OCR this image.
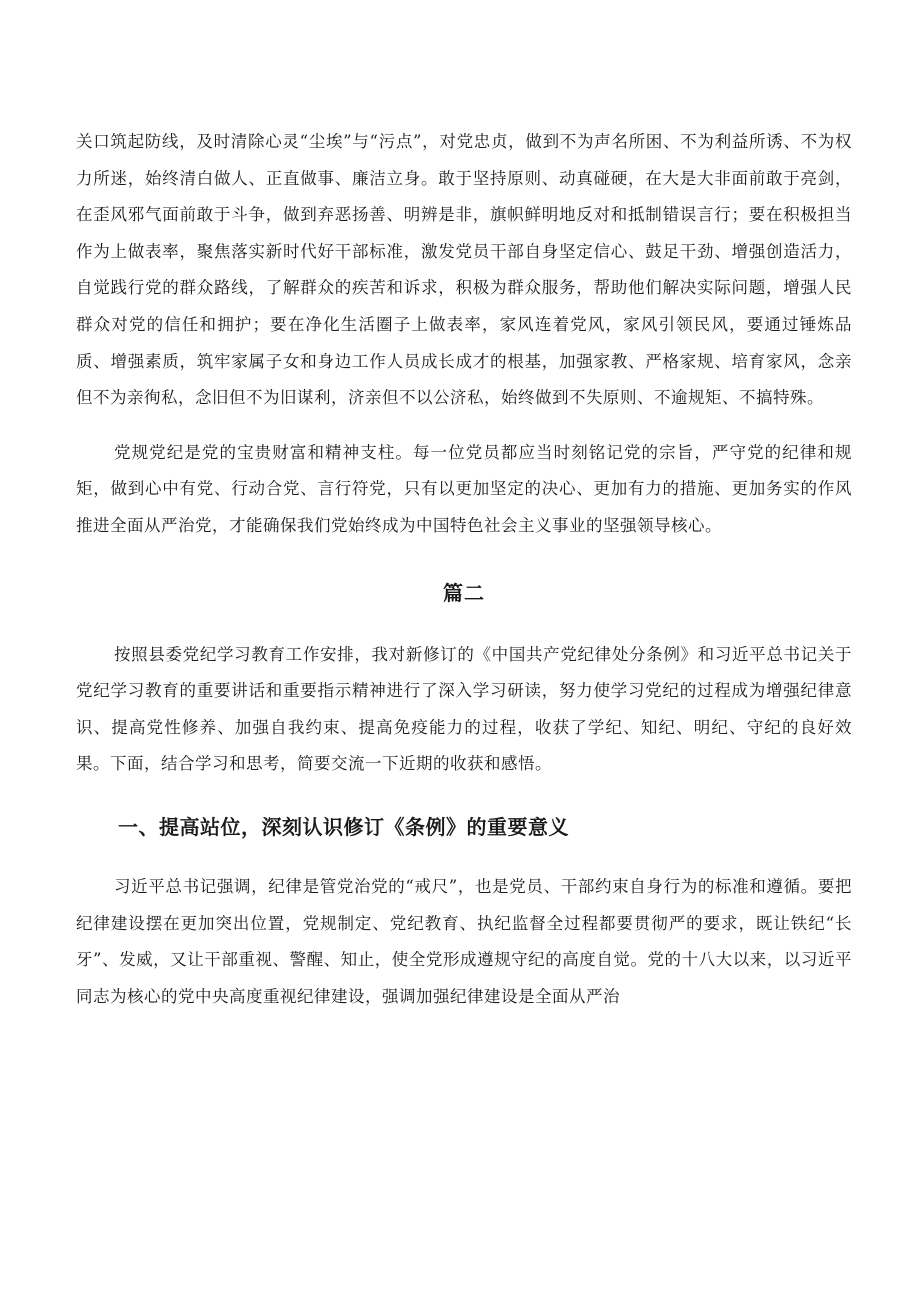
关口筑起防线，及时清除心灵“尘埃”与“污点”，对党忠贞，做到不为声名所困、不为利益所诱、不为权力所迷，始终清白做人、正直做事、廉洁立身。敢于坚持原则、动真碰硬，在大是大非面前敢于亮剑，在歪风邪气面前敢于斗争，做到弃恶扬善、明辨是非，旗帜鲜明地反对和抵制错误言行；要在积极担当作为上做表率，聚焦落实新时代好干部标准，激发党员干部自身坚定信心、鼓足干劲、增强创造活力，自觉践行党的群众路线，了解群众的疾苦和诉求，积极为群众服务，帮助他们解决实际问题，增强人民群众对党的信任和拥护；要在净化生活圈子上做表率，家风连着党风，家风引领民风，要通过锤炼品质、增强素质，筑牢家属子女和身边工作人员成长成才的根基，加强家教、严格家规、培育家风，念亲但不为亲徇私，念旧但不为旧谋利，济亲但不以公济私，始终做到不失原则、不逾规矩、不搞特殊。

党规党纪是党的宝贵财富和精神支柱。每一位党员都应当时刻铭记党的宗旨，严守党的纪律和规矩，做到心中有党、行动合党、言行符党，只有以更加坚定的决心、更加有力的措施、更加务实的作风推进全面从严治党，才能确保我们党始终成为中国特色社会主义事业的坚强领导核心。

篇二

按照县委党纪学习教育工作安排，我对新修订的《中国共产党纪律处分条例》和习近平总书记关于党纪学习教育的重要讲话和重要指示精神进行了深入学习研读，努力使学习党纪的过程成为增强纪律意识、提高党性修养、加强自我约束、提高免疫能力的过程，收获了学纪、知纪、明纪、守纪的良好效果。下面，结合学习和思考，简要交流一下近期的收获和感悟。

一、提高站位，深刻认识修订《条例》的重要意义

习近平总书记强调，纪律是管党治党的“戒尺”，也是党员、干部约束自身行为的标准和遵循。要把纪律建设摆在更加突出位置，党规制定、党纪教育、执纪监督全过程都要贯彻严的要求，既让铁纪“长牙”、发威，又让干部重视、警醒、知止，使全党形成遵规守纪的高度自觉。党的十八大以来，以习近平同志为核心的党中央高度重视纪律建设，强调加强纪律建设是全面从严治
